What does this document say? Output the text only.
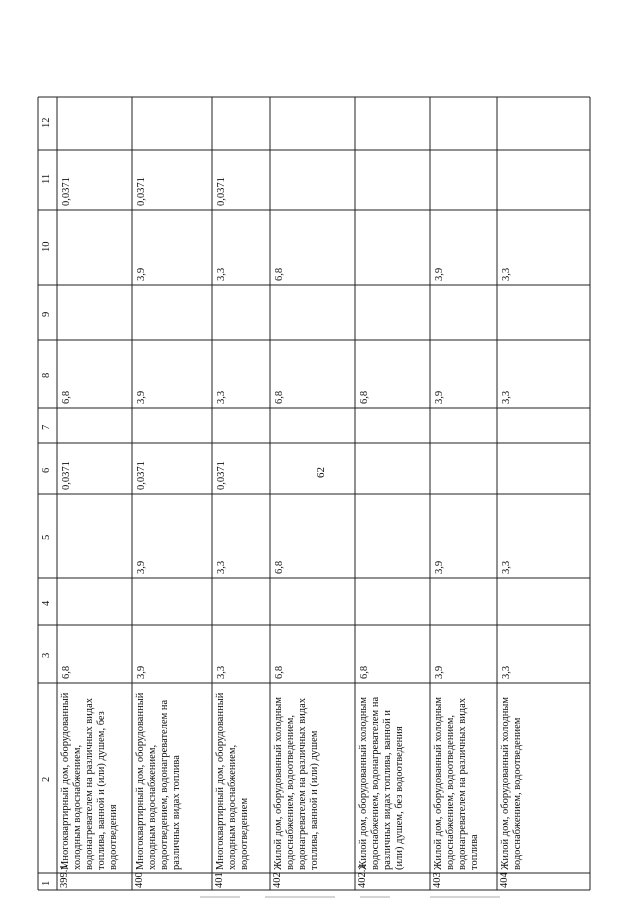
62
1
2
3
4
5
6
7
8
9
10
11
12
399.1
Многоквартирный дом, оборудованный холодным водоснабжением, водонагревателем на различных видах топлива, ванной и (или) душем, без водоотведения
6,8
0,0371
6,8
0,0371
400
Многоквартирный дом, оборудованный холодным водоснабжением, водоотведением, водонагревателем на различных видах топлива
3,9
3,9
0,0371
3,9
3,9
0,0371
401
Многоквартирный дом, оборудованный холодным водоснабжением, водоотведением
3,3
3,3
0,0371
3,3
3,3
0,0371
402
Жилой дом, оборудованный холодным водоснабжением, водоотведением, водонагревателем на различных видах топлива, ванной и (или) душем
6,8
6,8
6,8
6,8
402.1
Жилой дом, оборудованный холодным водоснабжением, водонагревателем на различных видах топлива, ванной и (или) душем, без водоотведения
6,8
6,8
403
Жилой дом, оборудованный холодным водоснабжением, водоотведением, водонагревателем на различных видах топлива
3,9
3,9
3,9
3,9
404
Жилой дом, оборудованный холодным водоснабжением, водоотведением
3,3
3,3
3,3
3,3
